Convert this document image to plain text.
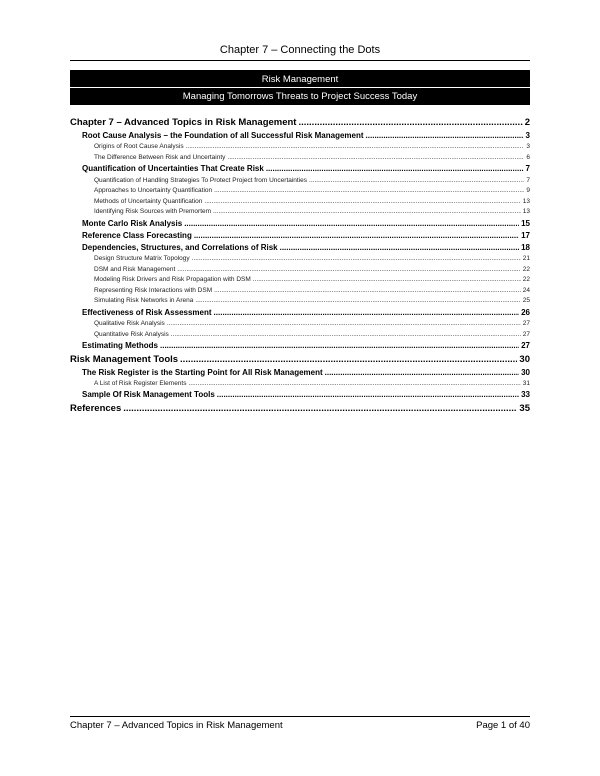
Chapter 7 – Connecting the Dots
Risk Management
Managing Tomorrows Threats to Project Success Today
Chapter 7 – Advanced Topics in Risk Management .....	2
Root Cause Analysis – the Foundation of all Successful Risk Management .....	3
Origins of Root Cause Analysis .....	3
The Difference Between Risk and Uncertainty .....	6
Quantification of Uncertainties That Create Risk .....	7
Quantification of Handling Strategies To Protect Project from Uncertainties .....	7
Approaches to Uncertainty Quantification .....	9
Methods of Uncertainty Quantification .....	13
Identifying Risk Sources with Premortem .....	13
Monte Carlo Risk Analysis .....	15
Reference Class Forecasting .....	17
Dependencies, Structures, and Correlations of Risk .....	18
Design Structure Matrix Topology .....	21
DSM and Risk Management .....	22
Modeling Risk Drivers and Risk Propagation with DSM .....	22
Representing Risk Interactions with DSM .....	24
Simulating Risk Networks in Arena .....	25
Effectiveness of Risk Assessment .....	26
Qualitative Risk Analysis .....	27
Quantitative Risk Analysis .....	27
Estimating Methods .....	27
Risk Management Tools .....	30
The Risk Register is the Starting Point for All Risk Management .....	30
A List of Risk Register Elements .....	31
Sample Of Risk Management Tools .....	33
References .....	35
Chapter 7 – Advanced Topics in Risk Management	Page 1 of 40
